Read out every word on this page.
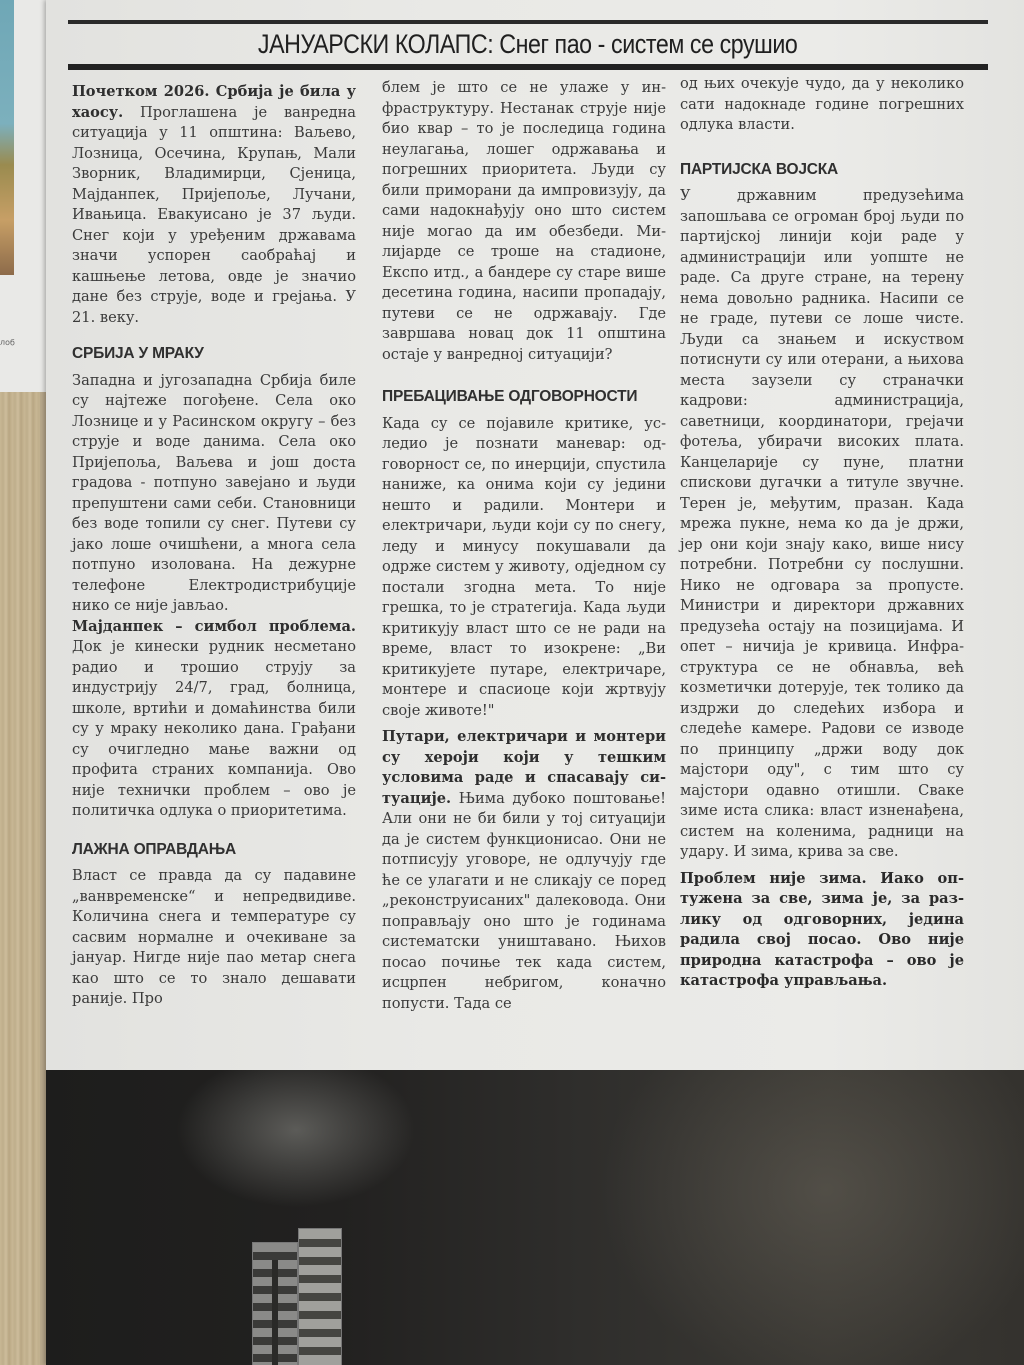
лоб
ЈАНУАРСКИ КОЛАПС: Снег пао - систем се срушио

Почетком 2026. Србија је била у хаосу. Проглашена је ванредна ситуација у 11 општина: Ваљево, Лозница, Осечина, Крупањ, Мали Зворник, Владимирци, Сјеница, Мајданпек, Пријепоље, Лучани, Ивањица. Евакуисано је 37 људи. Снег који у уређеним државама значи успорен саобраћај и кашњење летова, овде је значио дане без струје, воде и грејања. У 21. веку.

СРБИЈА У МРАКУ

Западна и југозападна Србија биле су најтеже погођене. Села око Лознице и у Расинском округу – без струје и воде данима. Села око Пријепоља, Ваљева и још доста градова - потпуно завејано и људи препуштени сами себи. Становници без воде топили су снег. Путеви су јако лоше очишћени, а многа села потпуно изолована. На дежурне телефоне Електродистрибуције нико се није јављао.

Мајданпек – симбол проблема. Док је кинески рудник несметано радио и трошио струју за индустрију 24/7, град, болница, школе, вртићи и домаћинства били су у мраку неколико дана. Грађани су очигледно мање важни од профита страних компанија. Ово није технички проблем – ово је политичка одлука о приоритетима.

ЛАЖНА ОПРАВДАЊА

Власт се правда да су падавине „ванвременске“ и непредвидиве. Количина снега и температуре су сасвим нормалне и очекиване за јануар. Нигде није пао метар снега као што се то знало дешавати раније. Про

блем је што се не улаже у инфраструктуру. Нестанак струје није био квар – то је последица година неулагања, лошег одржавања и погрешних приоритета. Људи су били приморани да импровизују, да сами надокнађују оно што систем није могао да им обезбеди. Милијарде се троше на стадионе, Експо итд., а бандере су старе више десетина година, насипи пропадају, путеви се не одржавају. Где завршава новац док 11 општина остаје у ванредној ситуацији?

ПРЕБАЦИВАЊЕ ОДГОВОРНОСТИ

Када су се појавиле критике, уследио је познати маневар: одговорност се, по инерцији, спустила наниже, ка онима који су једини нешто и радили. Монтери и електричари, људи који су по снегу, леду и минусу покушавали да одрже систем у животу, одједном су постали згодна мета. То није грешка, то је стратегија. Када људи критикују власт што се не ради на време, власт то изокрене: „Ви критикујете путаре, електричаре, монтере и спасиоце који жртвују своје животе!"

Путари, електричари и монтери су хероји који у тешким условима раде и спасавају ситуације. Њима дубоко поштовање! Али они не би били у тој ситуацији да је систем функционисао. Они не потписују уговоре, не одлучују где ће се улагати и не сликају се поред „реконструисаних" далековода. Они поправљају оно што је годинама систематски уништавано. Њихов посао почиње тек када систем, исцрпен небригом, коначно попусти. Тада се

од њих очекује чудо, да у неколико сати надокнаде године погрешних одлука власти.

ПАРТИЈСКА ВОЈСКА

У државним предузећима запошљава се огроман број људи по партијској линији који раде у администрацији или уопште не раде. Са друге стране, на терену нема довољно радника. Насипи се не граде, путеви се лоше чисте. Људи са знањем и искуством потиснути су или отерани, а њихова места заузели су страначки кадрови: администрација, саветници, координатори, грејачи фотеља, убирачи високих плата. Канцеларије су пуне, платни спискови дугачки а титуле звучне. Терен је, међутим, празан. Када мрежа пукне, нема ко да је држи, јер они који знају како, више нису потребни. Потребни су послушни. Нико не одговара за пропусте. Министри и директори државних предузећа остају на позицијама. И опет – ничија је кривица. Инфраструктура се не обнавља, већ козметички дотерује, тек толико да издржи до следећих избора и следеће камере. Радови се изводе по принципу „држи воду док мајстори оду", с тим што су мајстори одавно отишли. Сваке зиме иста слика: власт изненађена, систем на коленима, радници на удару. И зима, крива за све.

Проблем није зима. Иако оптужена за све, зима је, за разлику од одговорних, једина радила свој посао. Ово није природна катастрофа – ово је катастрофа управљања.
